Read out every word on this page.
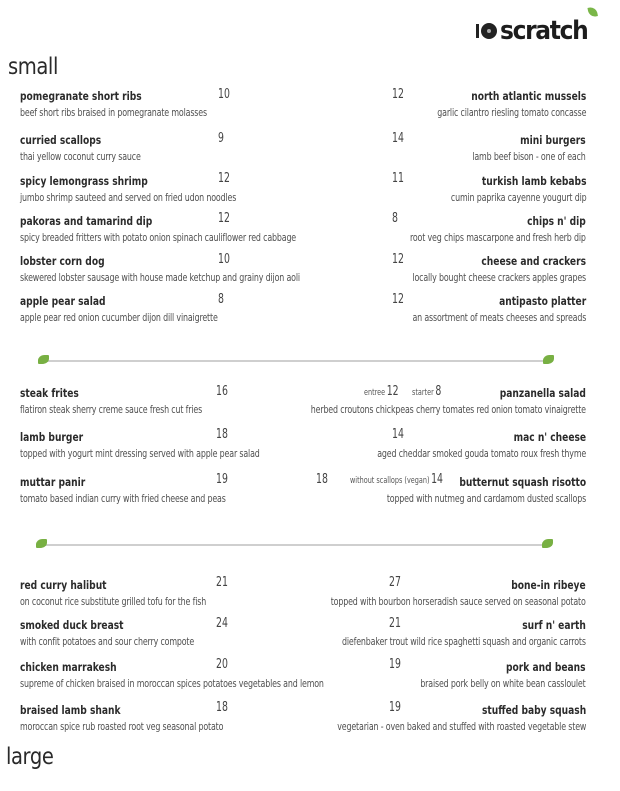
scratch
small
pomegranate short ribs
beef short ribs braised in pomegranate molasses
10
curried scallops
thai yellow coconut curry sauce
9
spicy lemongrass shrimp
jumbo shrimp sauteed and served on fried udon noodles
12
pakoras and tamarind dip
spicy breaded fritters with potato onion spinach cauliflower red cabbage
12
lobster corn dog
skewered lobster sausage with house made ketchup and grainy dijon aoli
10
apple pear salad
apple pear red onion cucumber dijon dill vinaigrette
8
north atlantic mussels
garlic cilantro riesling tomato concasse
12
mini burgers
lamb beef bison - one of each
14
turkish lamb kebabs
cumin paprika cayenne yougurt dip
11
chips n' dip
root veg chips mascarpone and fresh herb dip
8
cheese and crackers
locally bought cheese crackers apples grapes
12
antipasto platter
an assortment of meats cheeses and spreads
12
steak frites
flatiron steak sherry creme sauce fresh cut fries
16
lamb burger
topped with yogurt mint dressing served with apple pear salad
18
muttar panir
tomato based indian curry with fried cheese and peas
19
panzanella salad
herbed croutons chickpeas cherry tomates red onion tomato vinaigrette
entree 12 starter 8
mac n' cheese
aged cheddar smoked gouda tomato roux fresh thyme
14
butternut squash risotto
topped with nutmeg and cardamom dusted scallops
18 without scallops (vegan) 14
red curry halibut
on coconut rice substitute grilled tofu for the fish
21
smoked duck breast
with confit potatoes and sour cherry compote
24
chicken marrakesh
supreme of chicken braised in moroccan spices potatoes vegetables and lemon
20
braised lamb shank
moroccan spice rub roasted root veg seasonal potato
18
bone-in ribeye
topped with bourbon horseradish sauce served on seasonal potato
27
surf n' earth
diefenbaker trout wild rice spaghetti squash and organic carrots
21
pork and beans
braised pork belly on white bean cassloulet
19
stuffed baby squash
vegetarian - oven baked and stuffed with roasted vegetable stew
19
large
